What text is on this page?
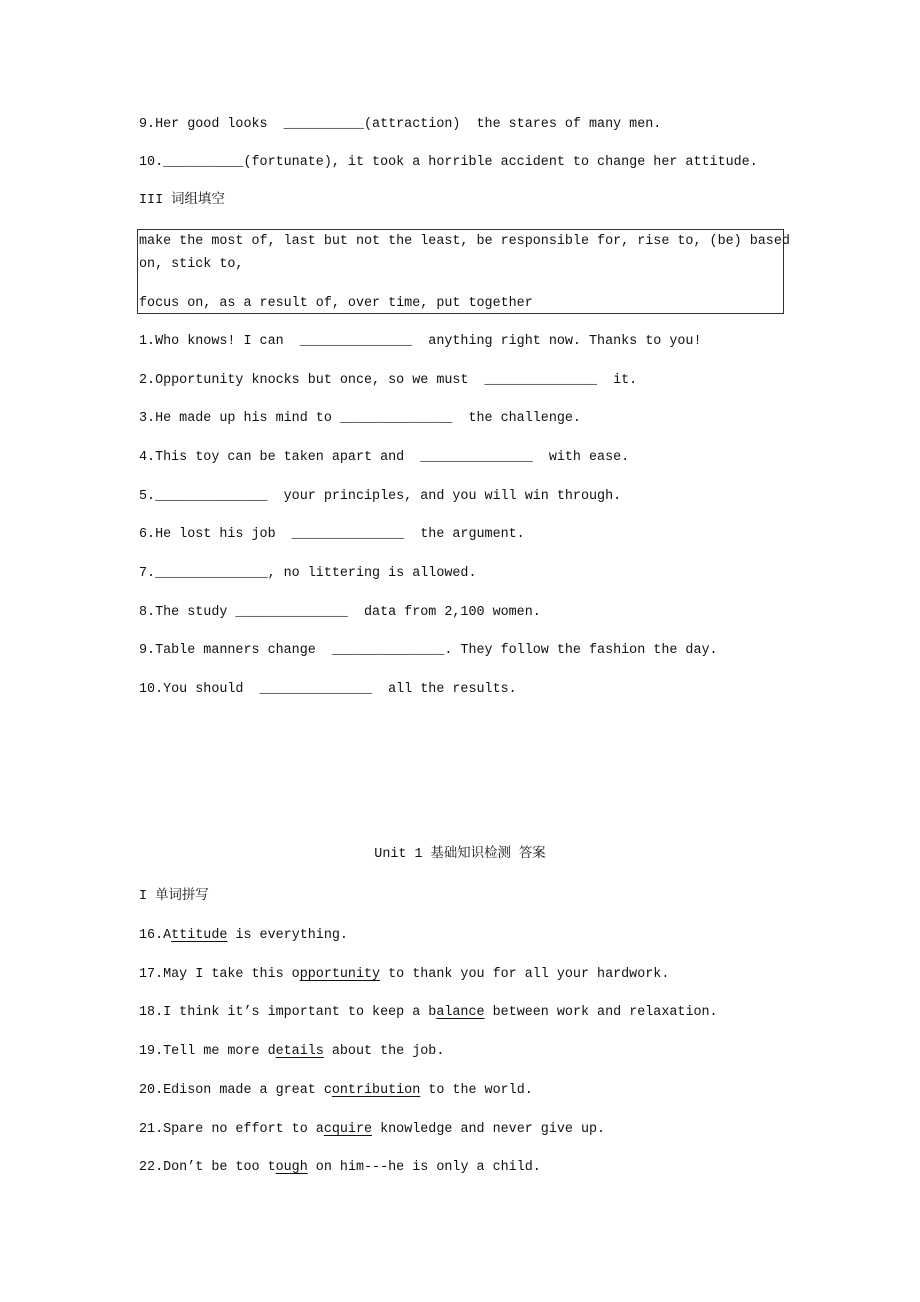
9.Her good looks  __________(attraction)  the stares of many men.
10.__________(fortunate), it took a horrible accident to change her attitude.
III 词组填空
make the most of, last but not the least, be responsible for, rise to, (be) based
on, stick to,
focus on, as a result of, over time, put together
1.Who knows! I can  ______________  anything right now. Thanks to you!
2.Opportunity knocks but once, so we must  ______________  it.
3.He made up his mind to ______________  the challenge.
4.This toy can be taken apart and  ______________  with ease.
5.______________  your principles, and you will win through.
6.He lost his job  ______________  the argument.
7.______________, no littering is allowed.
8.The study ______________  data from 2,100 women.
9.Table manners change  ______________. They follow the fashion the day.
10.You should  ______________  all the results.
Unit 1 基础知识检测 答案
I 单词拼写
16.Attitude is everything.
17.May I take this opportunity to thank you for all your hardwork.
18.I think it’s important to keep a balance between work and relaxation.
19.Tell me more details about the job.
20.Edison made a great contribution to the world.
21.Spare no effort to acquire knowledge and never give up.
22.Don’t be too tough on him---he is only a child.
